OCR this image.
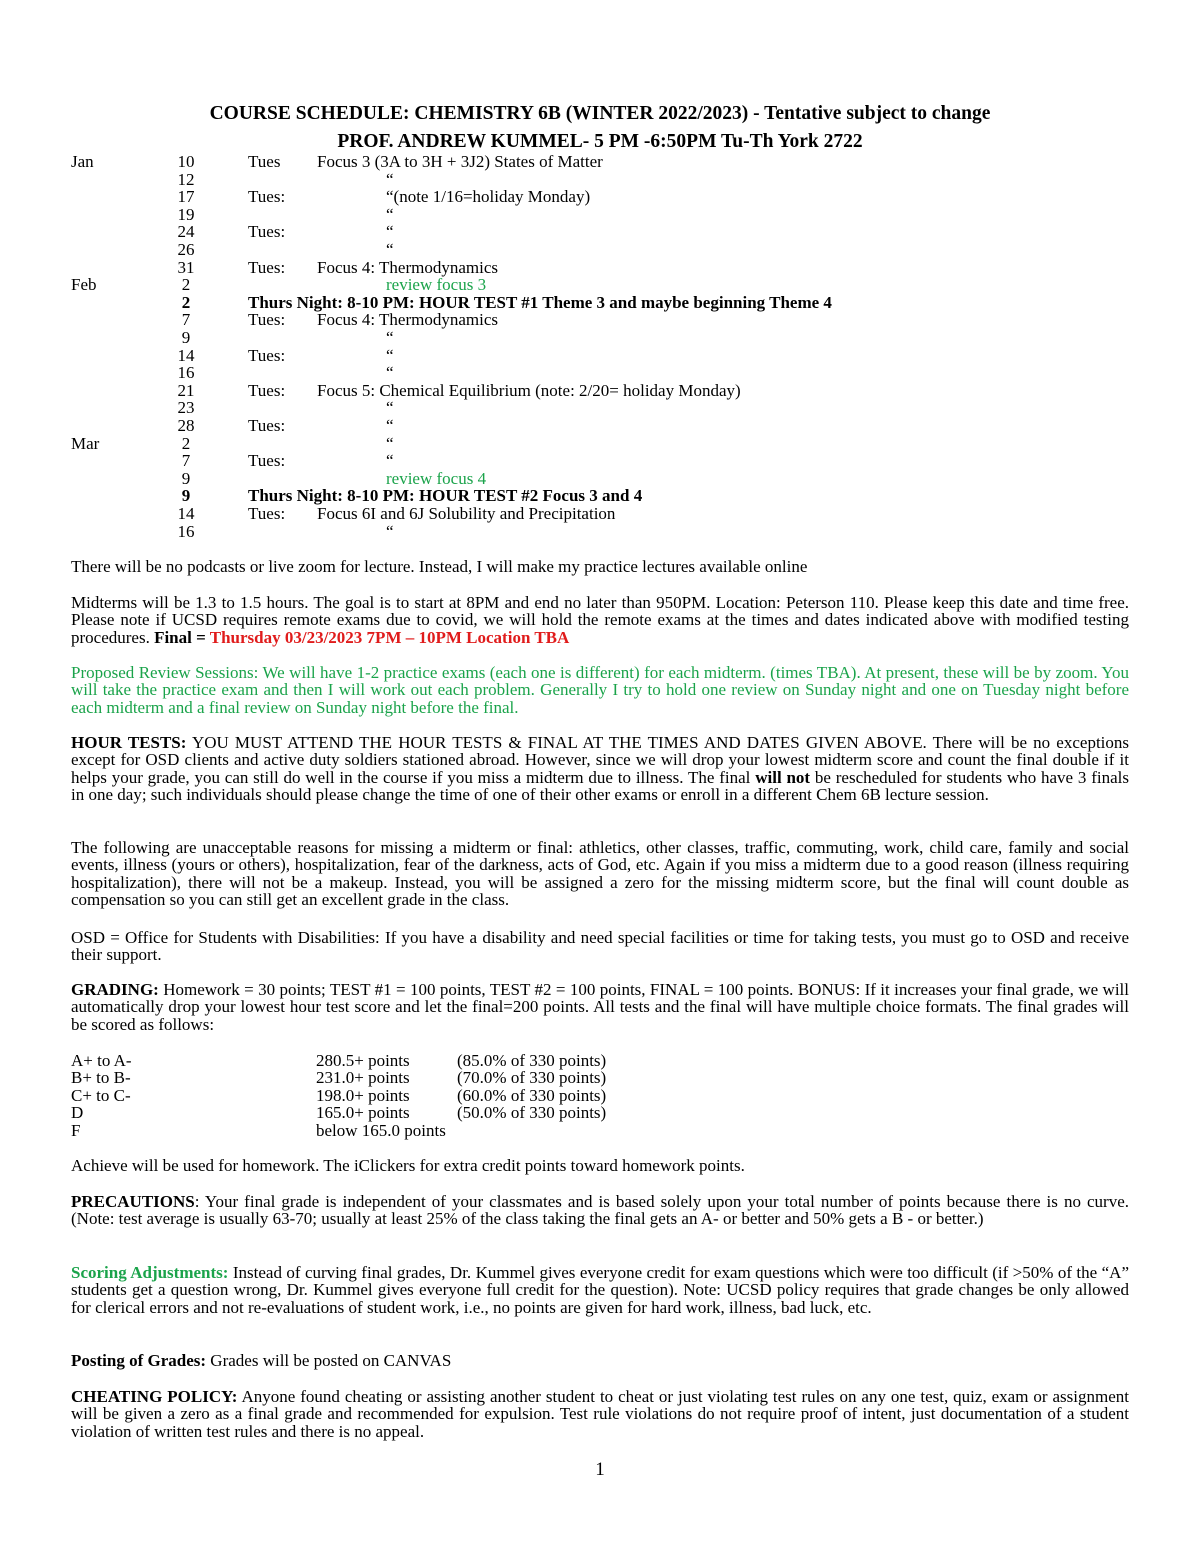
COURSE SCHEDULE: CHEMISTRY 6B (WINTER 2022/2023) - Tentative subject to change
PROF. ANDREW KUMMEL- 5 PM -6:50PM Tu-Th York 2722
Jan	10	Tues Focus 3 (3A to 3H + 3J2) States of Matter
12	“
17	Tues:	“(note 1/16=holiday Monday)
19	“
24	Tues:	“
26	“
31	Tues: Focus 4: Thermodynamics
Feb	2	review focus 3
2	Thurs Night: 8-10 PM: HOUR TEST #1 Theme 3 and maybe beginning Theme 4
7	Tues: Focus 4: Thermodynamics
9	“
14	Tues:	“
16	“
21	Tues: Focus 5: Chemical Equilibrium (note: 2/20= holiday Monday)
23	“
28	Tues:	“
Mar	2	“
7	Tues:	“
9	review focus 4
9	Thurs Night: 8-10 PM: HOUR TEST #2 Focus 3 and 4
14	Tues: Focus 6I and 6J Solubility and Precipitation
16	“
There will be no podcasts or live zoom for lecture. Instead, I will make my practice lectures available online
Midterms will be 1.3 to 1.5 hours. The goal is to start at 8PM and end no later than 950PM. Location: Peterson 110. Please keep this date and time free. Please note if UCSD requires remote exams due to covid, we will hold the remote exams at the times and dates indicated above with modified testing procedures. Final = Thursday 03/23/2023 7PM – 10PM Location TBA
Proposed Review Sessions: We will have 1-2 practice exams (each one is different) for each midterm. (times TBA). At present, these will be by zoom. You will take the practice exam and then I will work out each problem. Generally I try to hold one review on Sunday night and one on Tuesday night before each midterm and a final review on Sunday night before the final.
HOUR TESTS: YOU MUST ATTEND THE HOUR TESTS & FINAL AT THE TIMES AND DATES GIVEN ABOVE. There will be no exceptions except for OSD clients and active duty soldiers stationed abroad. However, since we will drop your lowest midterm score and count the final double if it helps your grade, you can still do well in the course if you miss a midterm due to illness. The final will not be rescheduled for students who have 3 finals in one day; such individuals should please change the time of one of their other exams or enroll in a different Chem 6B lecture session.
The following are unacceptable reasons for missing a midterm or final: athletics, other classes, traffic, commuting, work, child care, family and social events, illness (yours or others), hospitalization, fear of the darkness, acts of God, etc. Again if you miss a midterm due to a good reason (illness requiring hospitalization), there will not be a makeup. Instead, you will be assigned a zero for the missing midterm score, but the final will count double as compensation so you can still get an excellent grade in the class.
OSD = Office for Students with Disabilities: If you have a disability and need special facilities or time for taking tests, you must go to OSD and receive their support.
GRADING: Homework = 30 points; TEST #1 = 100 points, TEST #2 = 100 points, FINAL = 100 points. BONUS: If it increases your final grade, we will automatically drop your lowest hour test score and let the final=200 points. All tests and the final will have multiple choice formats. The final grades will be scored as follows:
A+ to A-	280.5+ points	(85.0% of 330 points)
B+ to B-	231.0+ points	(70.0% of 330 points)
C+ to C-	198.0+ points	(60.0% of 330 points)
D	165.0+ points	(50.0% of 330 points)
F	below 165.0 points
Achieve will be used for homework. The iClickers for extra credit points toward homework points.
PRECAUTIONS: Your final grade is independent of your classmates and is based solely upon your total number of points because there is no curve. (Note: test average is usually 63-70; usually at least 25% of the class taking the final gets an A- or better and 50% gets a B - or better.)
Scoring Adjustments: Instead of curving final grades, Dr. Kummel gives everyone credit for exam questions which were too difficult (if >50% of the “A” students get a question wrong, Dr. Kummel gives everyone full credit for the question). Note: UCSD policy requires that grade changes be only allowed for clerical errors and not re-evaluations of student work, i.e., no points are given for hard work, illness, bad luck, etc.
Posting of Grades: Grades will be posted on CANVAS
CHEATING POLICY: Anyone found cheating or assisting another student to cheat or just violating test rules on any one test, quiz, exam or assignment will be given a zero as a final grade and recommended for expulsion. Test rule violations do not require proof of intent, just documentation of a student violation of written test rules and there is no appeal.
1
